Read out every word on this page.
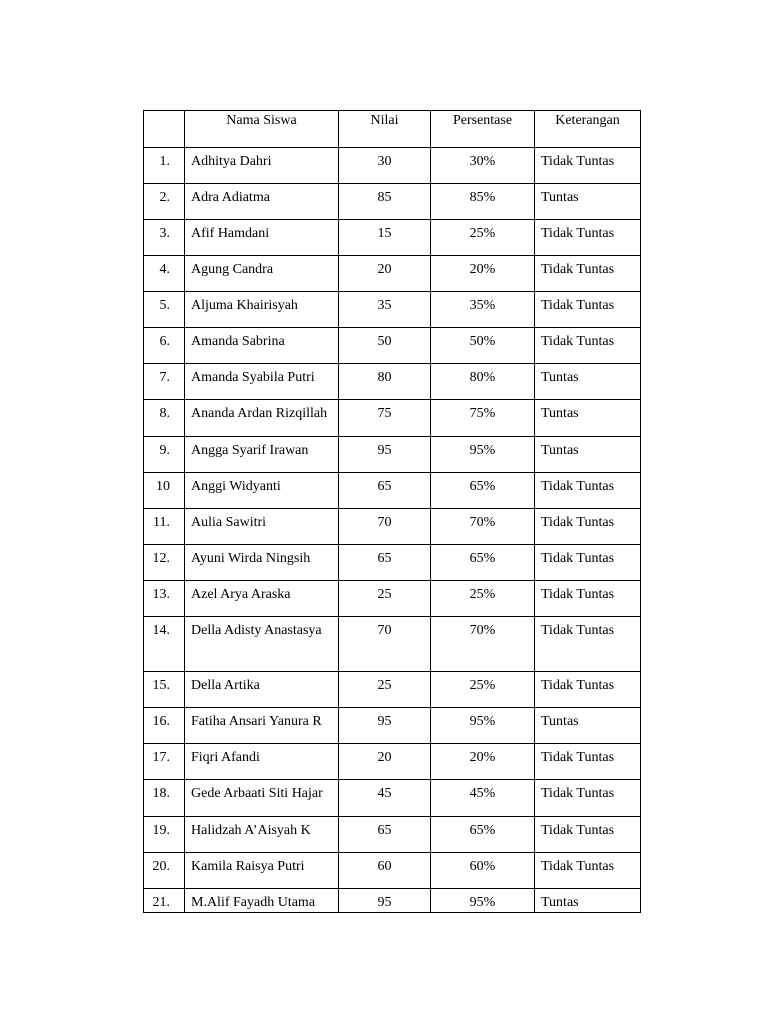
	Nama Siswa	Nilai	Persentase	Keterangan
1.	Adhitya Dahri	30	30%	Tidak Tuntas
2.	Adra Adiatma	85	85%	Tuntas
3.	Afif Hamdani	15	25%	Tidak Tuntas
4.	Agung Candra	20	20%	Tidak Tuntas
5.	Aljuma Khairisyah	35	35%	Tidak Tuntas
6.	Amanda Sabrina	50	50%	Tidak Tuntas
7.	Amanda Syabila Putri	80	80%	Tuntas
8.	Ananda Ardan Rizqillah	75	75%	Tuntas
9.	Angga Syarif Irawan	95	95%	Tuntas
10	Anggi Widyanti	65	65%	Tidak Tuntas
11.	Aulia Sawitri	70	70%	Tidak Tuntas
12.	Ayuni Wirda Ningsih	65	65%	Tidak Tuntas
13.	Azel Arya Araska	25	25%	Tidak Tuntas
14.	Della Adisty Anastasya	70	70%	Tidak Tuntas
15.	Della Artika	25	25%	Tidak Tuntas
16.	Fatiha Ansari Yanura R	95	95%	Tuntas
17.	Fiqri Afandi	20	20%	Tidak Tuntas
18.	Gede Arbaati Siti Hajar	45	45%	Tidak Tuntas
19.	Halidzah A’Aisyah K	65	65%	Tidak Tuntas
20.	Kamila Raisya Putri	60	60%	Tidak Tuntas
21.	M.Alif Fayadh Utama	95	95%	Tuntas
